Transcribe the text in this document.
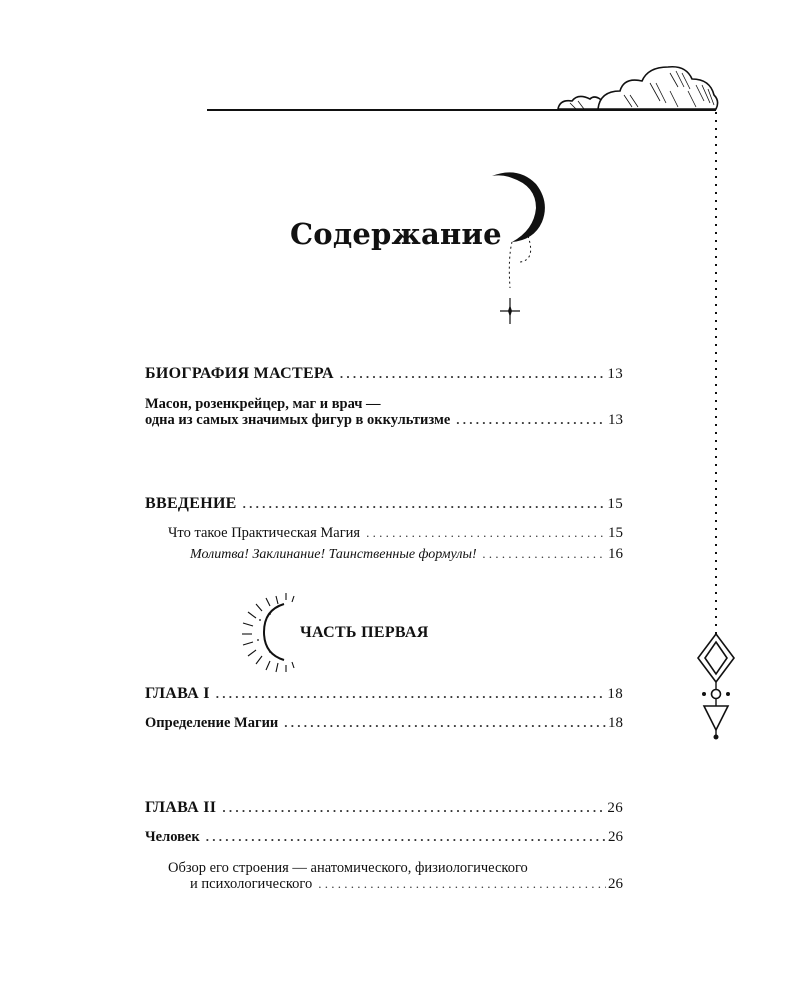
Содержание
БИОГРАФИЯ МАСТЕРА . . .	13
Масон, розенкрейцер, маг и врач —
одна из самых значимых фигур в оккультизме . . .	13
ВВЕДЕНИЕ . . .	15
Что такое Практическая Магия . . .	15
Молитва! Заклинание! Таинственные формулы! . . .	16
ЧАСТЬ ПЕРВАЯ
ГЛАВА I . . .	18
Определение Магии . . .	18
ГЛАВА II . . .	26
Человек . . .	26
Обзор его строения — анатомического, физиологического
и психологического . . .	26
